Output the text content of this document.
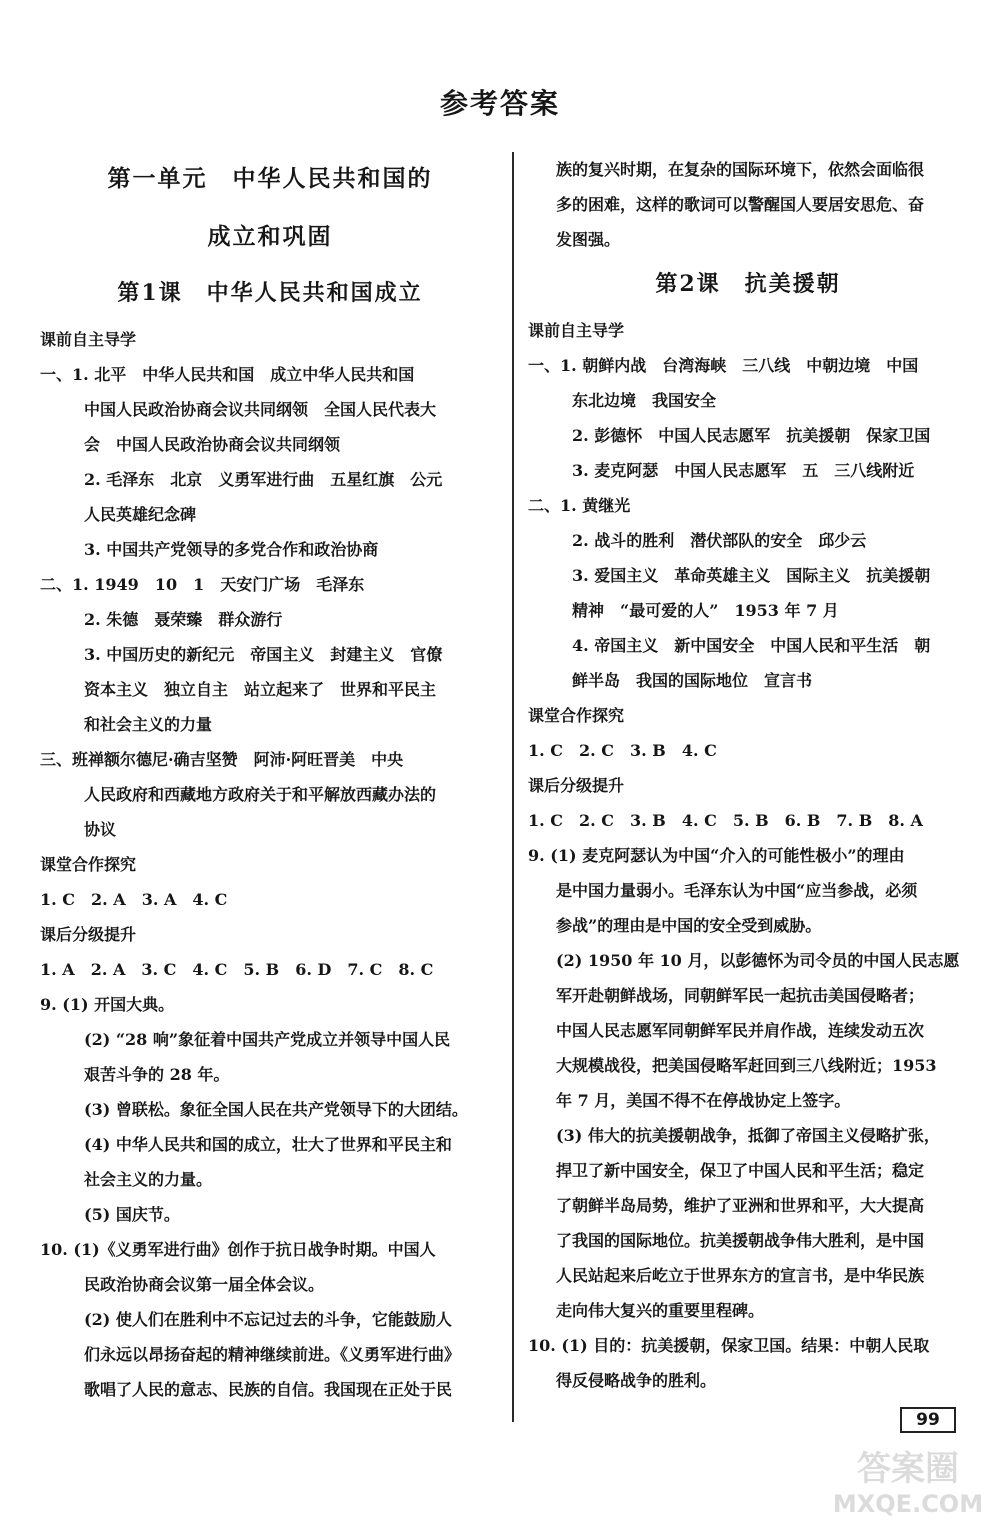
参考答案
第一单元　中华人民共和国的
成立和巩固
第1课　中华人民共和国成立
课前自主导学
一、1. 北平　中华人民共和国　成立中华人民共和国
中国人民政治协商会议共同纲领　全国人民代表大
会　中国人民政治协商会议共同纲领
2. 毛泽东　北京　义勇军进行曲　五星红旗　公元
人民英雄纪念碑
3. 中国共产党领导的多党合作和政治协商
二、1. 1949　10　1　天安门广场　毛泽东
2. 朱德　聂荣臻　群众游行
3. 中国历史的新纪元　帝国主义　封建主义　官僚
资本主义　独立自主　站立起来了　世界和平民主
和社会主义的力量
三、班禅额尔德尼·确吉坚赞　阿沛·阿旺晋美　中央
人民政府和西藏地方政府关于和平解放西藏办法的
协议
课堂合作探究
1. C　2. A　3. A　4. C
课后分级提升
1. A　2. A　3. C　4. C　5. B　6. D　7. C　8. C
9. (1) 开国大典。
(2) “28 响”象征着中国共产党成立并领导中国人民
艰苦斗争的 28 年。
(3) 曾联松。象征全国人民在共产党领导下的大团结。
(4) 中华人民共和国的成立，壮大了世界和平民主和
社会主义的力量。
(5) 国庆节。
10. (1)《义勇军进行曲》创作于抗日战争时期。中国人
民政治协商会议第一届全体会议。
(2) 使人们在胜利中不忘记过去的斗争，它能鼓励人
们永远以昂扬奋起的精神继续前进。《义勇军进行曲》
歌唱了人民的意志、民族的自信。我国现在正处于民
族的复兴时期，在复杂的国际环境下，依然会面临很
多的困难，这样的歌词可以警醒国人要居安思危、奋
发图强。
第2课　抗美援朝
课前自主导学
一、1. 朝鲜内战　台湾海峡　三八线　中朝边境　中国
东北边境　我国安全
2. 彭德怀　中国人民志愿军　抗美援朝　保家卫国
3. 麦克阿瑟　中国人民志愿军　五　三八线附近
二、1. 黄继光
2. 战斗的胜利　潜伏部队的安全　邱少云
3. 爱国主义　革命英雄主义　国际主义　抗美援朝
精神　“最可爱的人”　1953 年 7 月
4. 帝国主义　新中国安全　中国人民和平生活　朝
鲜半岛　我国的国际地位　宣言书
课堂合作探究
1. C　2. C　3. B　4. C
课后分级提升
1. C　2. C　3. B　4. C　5. B　6. B　7. B　8. A
9. (1) 麦克阿瑟认为中国“介入的可能性极小”的理由
是中国力量弱小。毛泽东认为中国“应当参战，必须
参战”的理由是中国的安全受到威胁。
(2) 1950 年 10 月，以彭德怀为司令员的中国人民志愿
军开赴朝鲜战场，同朝鲜军民一起抗击美国侵略者；
中国人民志愿军同朝鲜军民并肩作战，连续发动五次
大规模战役，把美国侵略军赶回到三八线附近；1953
年 7 月，美国不得不在停战协定上签字。
(3) 伟大的抗美援朝战争，抵御了帝国主义侵略扩张，
捍卫了新中国安全，保卫了中国人民和平生活；稳定
了朝鲜半岛局势，维护了亚洲和世界和平，大大提高
了我国的国际地位。抗美援朝战争伟大胜利，是中国
人民站起来后屹立于世界东方的宣言书，是中华民族
走向伟大复兴的重要里程碑。
10. (1) 目的：抗美援朝，保家卫国。结果：中朝人民取
得反侵略战争的胜利。
99
答案圈
MXQE.COM
